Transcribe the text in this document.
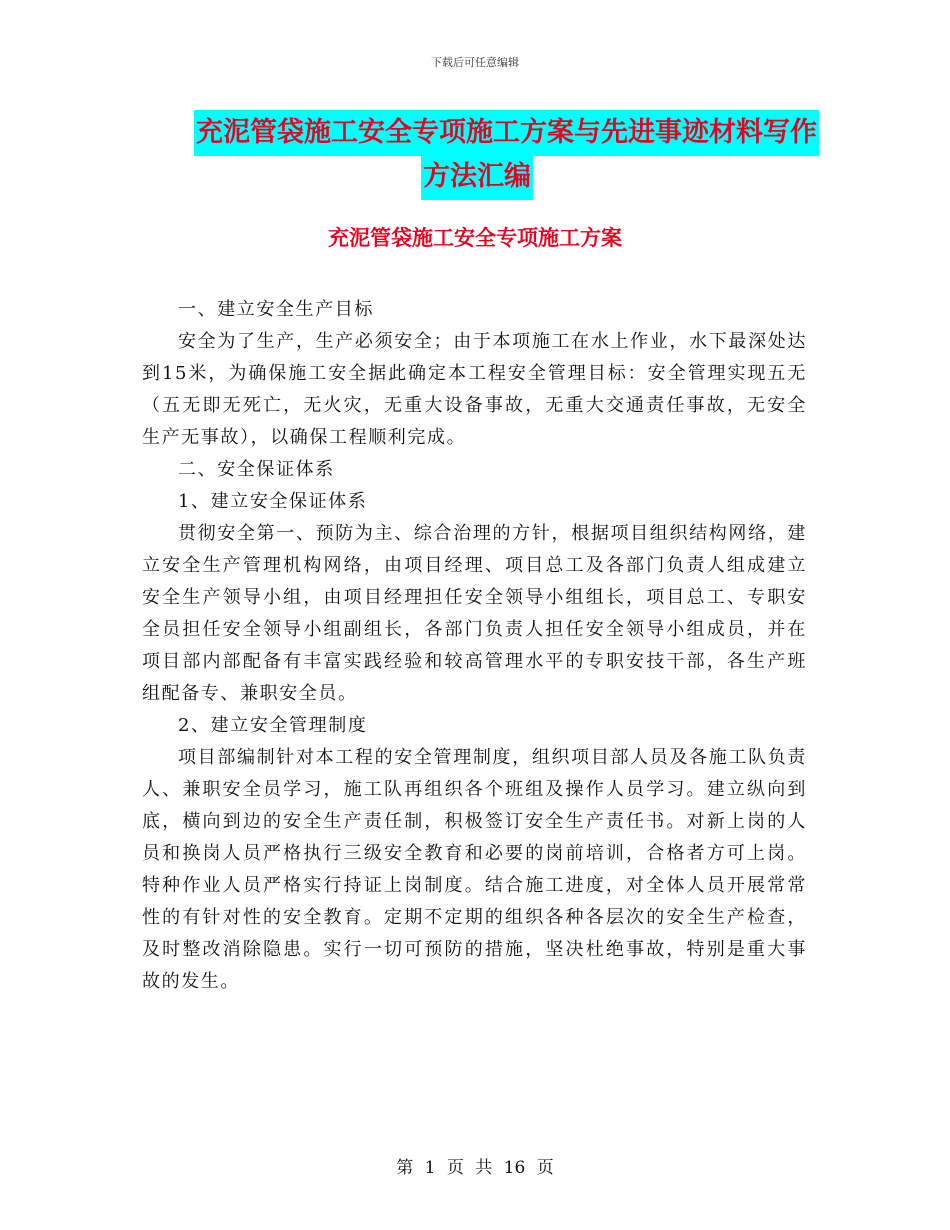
下载后可任意编辑
充泥管袋施工安全专项施工方案与先进事迹材料写作
方法汇编
充泥管袋施工安全专项施工方案

一、建立安全生产目标

安全为了生产，生产必须安全；由于本项施工在水上作业，水下最深处达到15米，为确保施工安全据此确定本工程安全管理目标：安全管理实现五无（五无即无死亡，无火灾，无重大设备事故，无重大交通责任事故，无安全生产无事故），以确保工程顺利完成。

二、安全保证体系

1、建立安全保证体系

贯彻安全第一、预防为主、综合治理的方针，根据项目组织结构网络，建立安全生产管理机构网络，由项目经理、项目总工及各部门负责人组成建立安全生产领导小组，由项目经理担任安全领导小组组长，项目总工、专职安全员担任安全领导小组副组长，各部门负责人担任安全领导小组成员，并在项目部内部配备有丰富实践经验和较高管理水平的专职安技干部，各生产班组配备专、兼职安全员。

2、建立安全管理制度

项目部编制针对本工程的安全管理制度，组织项目部人员及各施工队负责人、兼职安全员学习，施工队再组织各个班组及操作人员学习。建立纵向到底，横向到边的安全生产责任制，积极签订安全生产责任书。对新上岗的人员和换岗人员严格执行三级安全教育和必要的岗前培训，合格者方可上岗。特种作业人员严格实行持证上岗制度。结合施工进度，对全体人员开展常常性的有针对性的安全教育。定期不定期的组织各种各层次的安全生产检查，及时整改消除隐患。实行一切可预防的措施，坚决杜绝事故，特别是重大事故的发生。

第 1 页 共 16 页
